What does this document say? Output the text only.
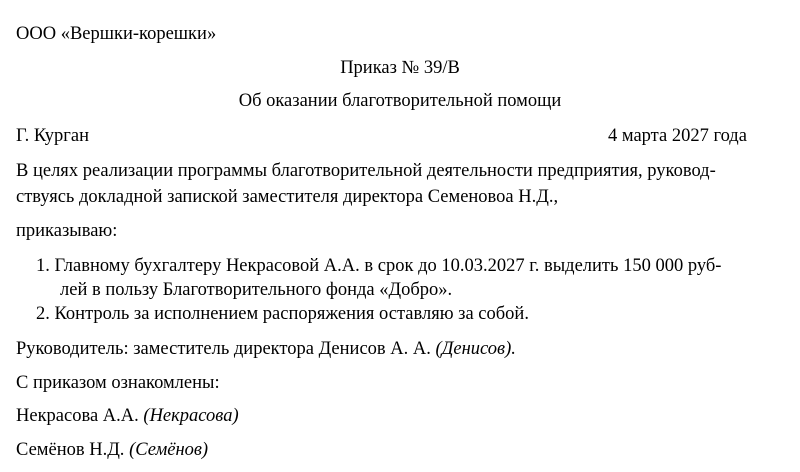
ООО «Вершки-корешки»
Приказ № 39/В
Об оказании благотворительной помощи
Г. Курган	4 марта 2027 года
В целях реализации программы благотворительной деятельности предприятия, руковод-
ствуясь докладной запиской заместителя директора Семеновоа Н.Д.,
приказываю:
1. Главному бухгалтеру Некрасовой А.А. в срок до 10.03.2027 г. выделить 150 000 руб-
лей в пользу Благотворительного фонда «Добро».
2. Контроль за исполнением распоряжения оставляю за собой.
Руководитель: заместитель директора Денисов А. А. (Денисов).
С приказом ознакомлены:
Некрасова А.А. (Некрасова)
Семёнов Н.Д. (Семёнов)
